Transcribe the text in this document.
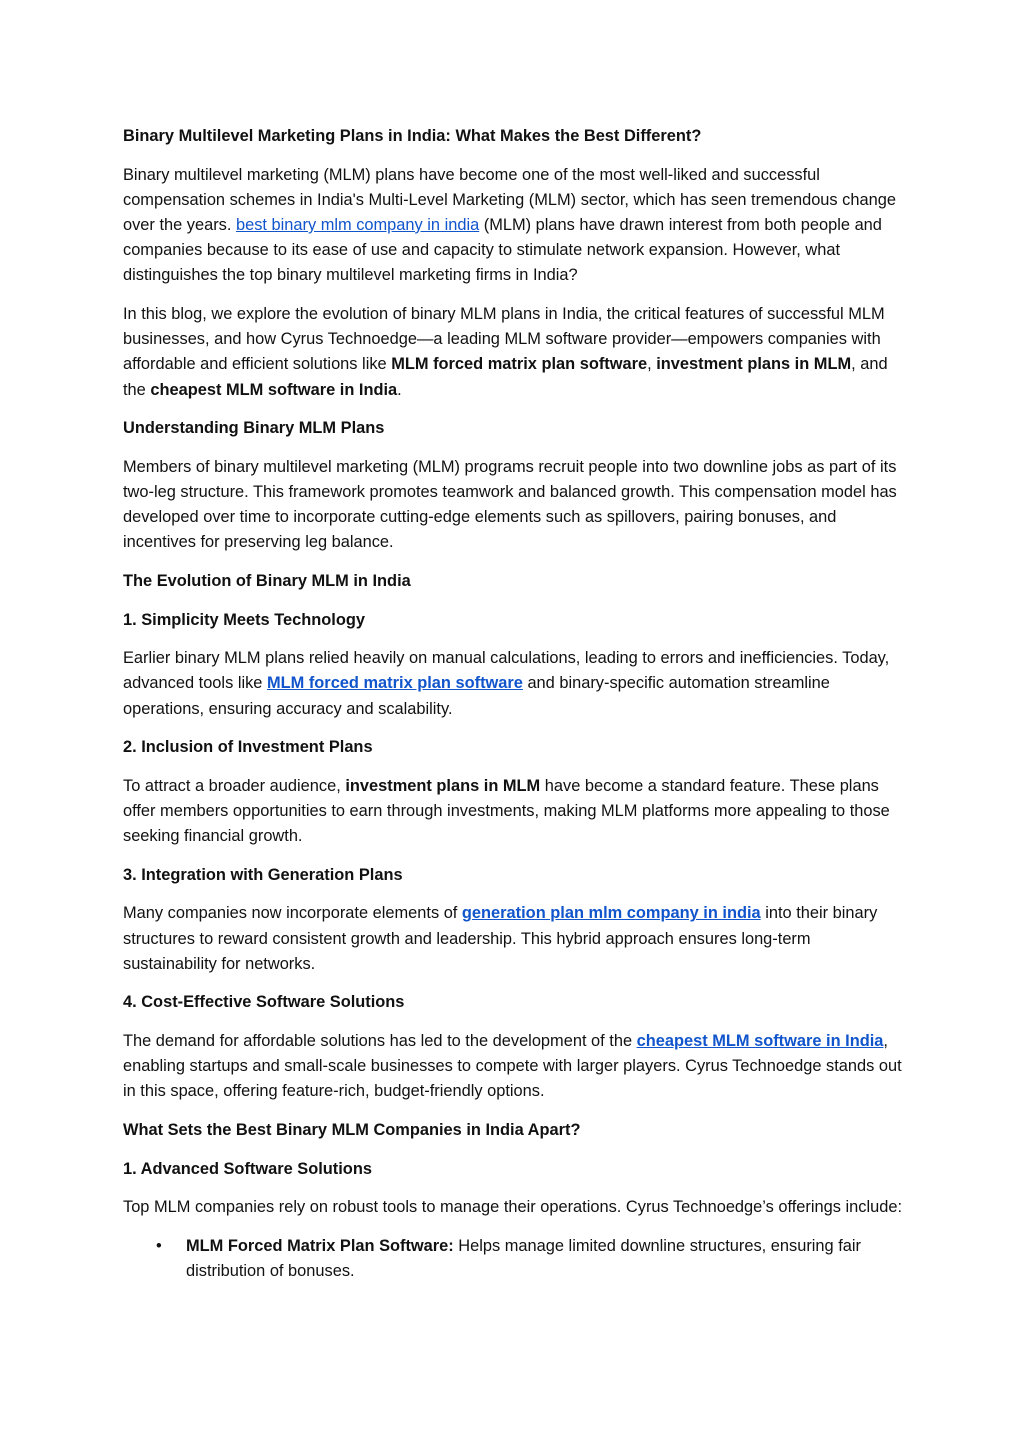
Binary Multilevel Marketing Plans in India: What Makes the Best Different?

Binary multilevel marketing (MLM) plans have become one of the most well-liked and successful compensation schemes in India's Multi-Level Marketing (MLM) sector, which has seen tremendous change over the years. best binary mlm company in india (MLM) plans have drawn interest from both people and companies because to its ease of use and capacity to stimulate network expansion. However, what distinguishes the top binary multilevel marketing firms in India?

In this blog, we explore the evolution of binary MLM plans in India, the critical features of successful MLM businesses, and how Cyrus Technoedge—a leading MLM software provider—empowers companies with affordable and efficient solutions like MLM forced matrix plan software, investment plans in MLM, and the cheapest MLM software in India.

Understanding Binary MLM Plans

Members of binary multilevel marketing (MLM) programs recruit people into two downline jobs as part of its two-leg structure. This framework promotes teamwork and balanced growth. This compensation model has developed over time to incorporate cutting-edge elements such as spillovers, pairing bonuses, and incentives for preserving leg balance.

The Evolution of Binary MLM in India

1. Simplicity Meets Technology

Earlier binary MLM plans relied heavily on manual calculations, leading to errors and inefficiencies. Today, advanced tools like MLM forced matrix plan software and binary-specific automation streamline operations, ensuring accuracy and scalability.

2. Inclusion of Investment Plans

To attract a broader audience, investment plans in MLM have become a standard feature. These plans offer members opportunities to earn through investments, making MLM platforms more appealing to those seeking financial growth.

3. Integration with Generation Plans

Many companies now incorporate elements of generation plan mlm company in india into their binary structures to reward consistent growth and leadership. This hybrid approach ensures long-term sustainability for networks.

4. Cost-Effective Software Solutions

The demand for affordable solutions has led to the development of the cheapest MLM software in India, enabling startups and small-scale businesses to compete with larger players. Cyrus Technoedge stands out in this space, offering feature-rich, budget-friendly options.

What Sets the Best Binary MLM Companies in India Apart?

1. Advanced Software Solutions

Top MLM companies rely on robust tools to manage their operations. Cyrus Technoedge’s offerings include:

• MLM Forced Matrix Plan Software: Helps manage limited downline structures, ensuring fair distribution of bonuses.
